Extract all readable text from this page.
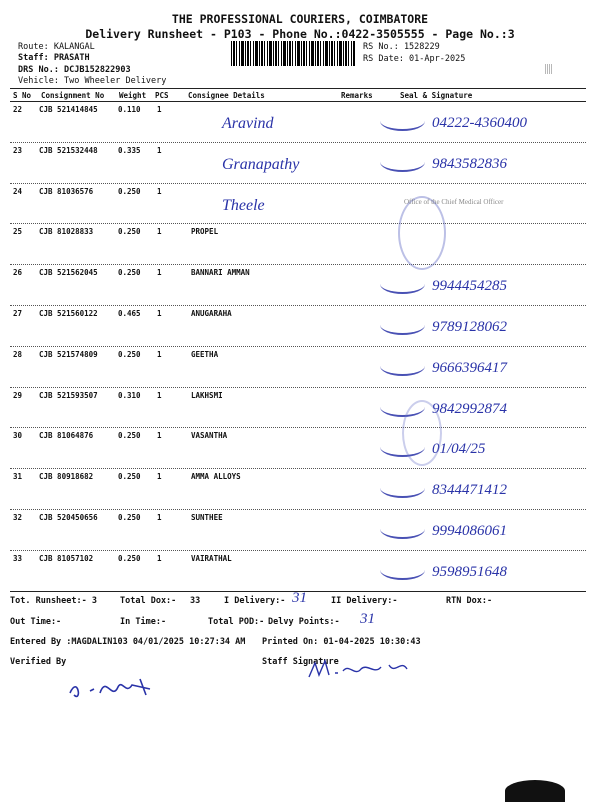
THE PROFESSIONAL COURIERS, COIMBATORE
Delivery Runsheet - P103 - Phone No.:0422-3505555 - Page No.:3
Route: KALANGAL
Staff: PRASATH
DRS No.: DCJB152822903
Vehicle: Two Wheeler Delivery
RS No.: 1528229
RS Date: 01-Apr-2025
S No Consignment No Weight PCS	Consignee Details	Remarks	Seal & Signature
22 CJB 521414845	0.110 1
Aravind	04222-4360400
23 CJB 521532448	0.335 1
Granapathy	9843582836
24 CJB 81036576	0.250 1
Theele
25 CJB 81028833	0.250 1	PROPEL
26 CJB 521562045	0.250 1	BANNARI AMMAN
9944454285
27 CJB 521560122	0.465 1	ANUGARAHA
9789128062
28 CJB 521574809	0.250 1	GEETHA
9666396417
29 CJB 521593507	0.310 1	LAKHSMI
9842992874
30 CJB 81064876	0.250 1	VASANTHA
01/04/25
31 CJB 80918682	0.250 1	AMMA ALLOYS
8344471412
32 CJB 520450656	0.250 1	SUNTHEE
9994086061
33 CJB 81057102	0.250 1	VAIRATHAL
9598951648
Office of the Chief Medical Officer
Tot. Runsheet:- 3	Total Dox:- 33	I Delivery:- 31	II Delivery:-	RTN Dox:-
Out Time:-	In Time:-	Total POD:- Delvy Points:- 31
Entered By :MAGDALIN103 04/01/2025 10:27:34 AM Printed On: 01-04-2025 10:30:43
Verified By	Staff Signature
